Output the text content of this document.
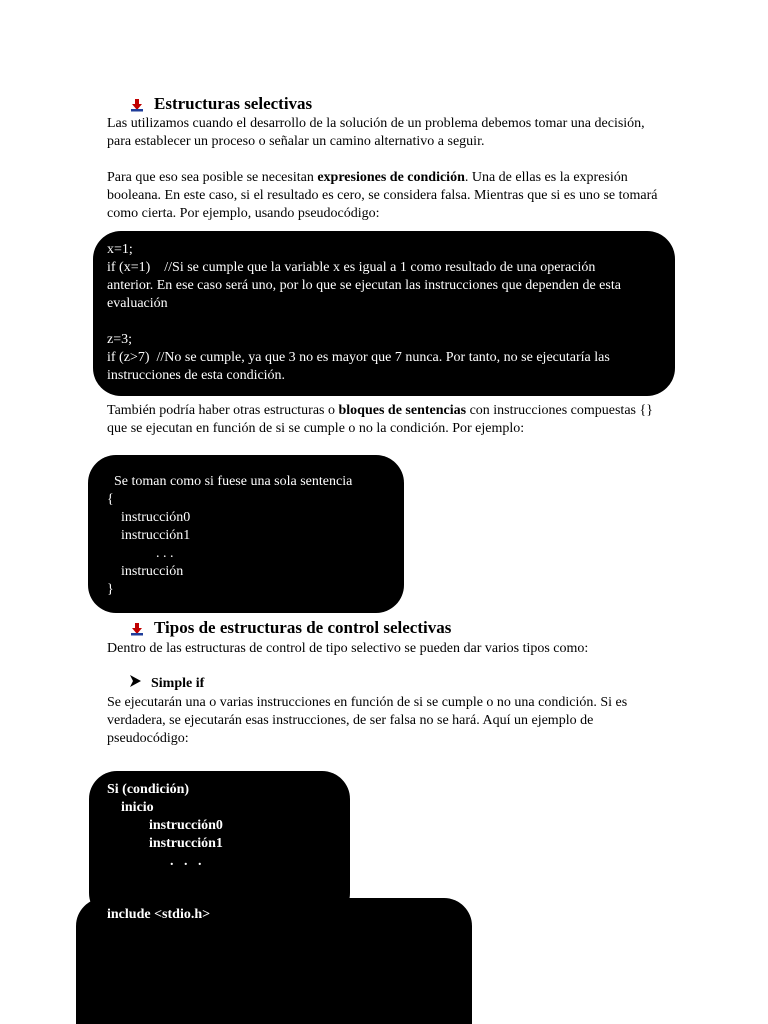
Estructuras selectivas

Las utilizamos cuando el desarrollo de la solución de un problema debemos tomar una decisión, para establecer un proceso o señalar un camino alternativo a seguir.

Para que eso sea posible se necesitan expresiones de condición. Una de ellas es la expresión booleana. En este caso, si el resultado es cero, se considera falsa. Mientras que si es uno se tomará como cierta. Por ejemplo, usando pseudocódigo:

x=1;
if (x=1)    //Si se cumple que la variable x es igual a 1 como resultado de una operación
anterior. En ese caso será uno, por lo que se ejecutan las instrucciones que dependen de esta
evaluación
z=3;
if (z>7)  //No se cumple, ya que 3 no es mayor que 7 nunca. Por tanto, no se ejecutaría las
instrucciones de esta condición.

También podría haber otras estructuras o bloques de sentencias con instrucciones compuestas {} que se ejecutan en función de si se cumple o no la condición. Por ejemplo:

Se toman como si fuese una sola sentencia
{
instrucción0
instrucción1
. . .
instrucción
}
Tipos de estructuras de control selectivas

Dentro de las estructuras de control de tipo selectivo se pueden dar varios tipos como:

Simple if

Se ejecutarán una o varias instrucciones en función de si se cumple o no una condición. Si es verdadera, se ejecutarán esas instrucciones, de ser falsa no se hará. Aquí un ejemplo de pseudocódigo:

Si (condición)
inicio
instrucción0
instrucción1
.   .   .
include <stdio.h>
